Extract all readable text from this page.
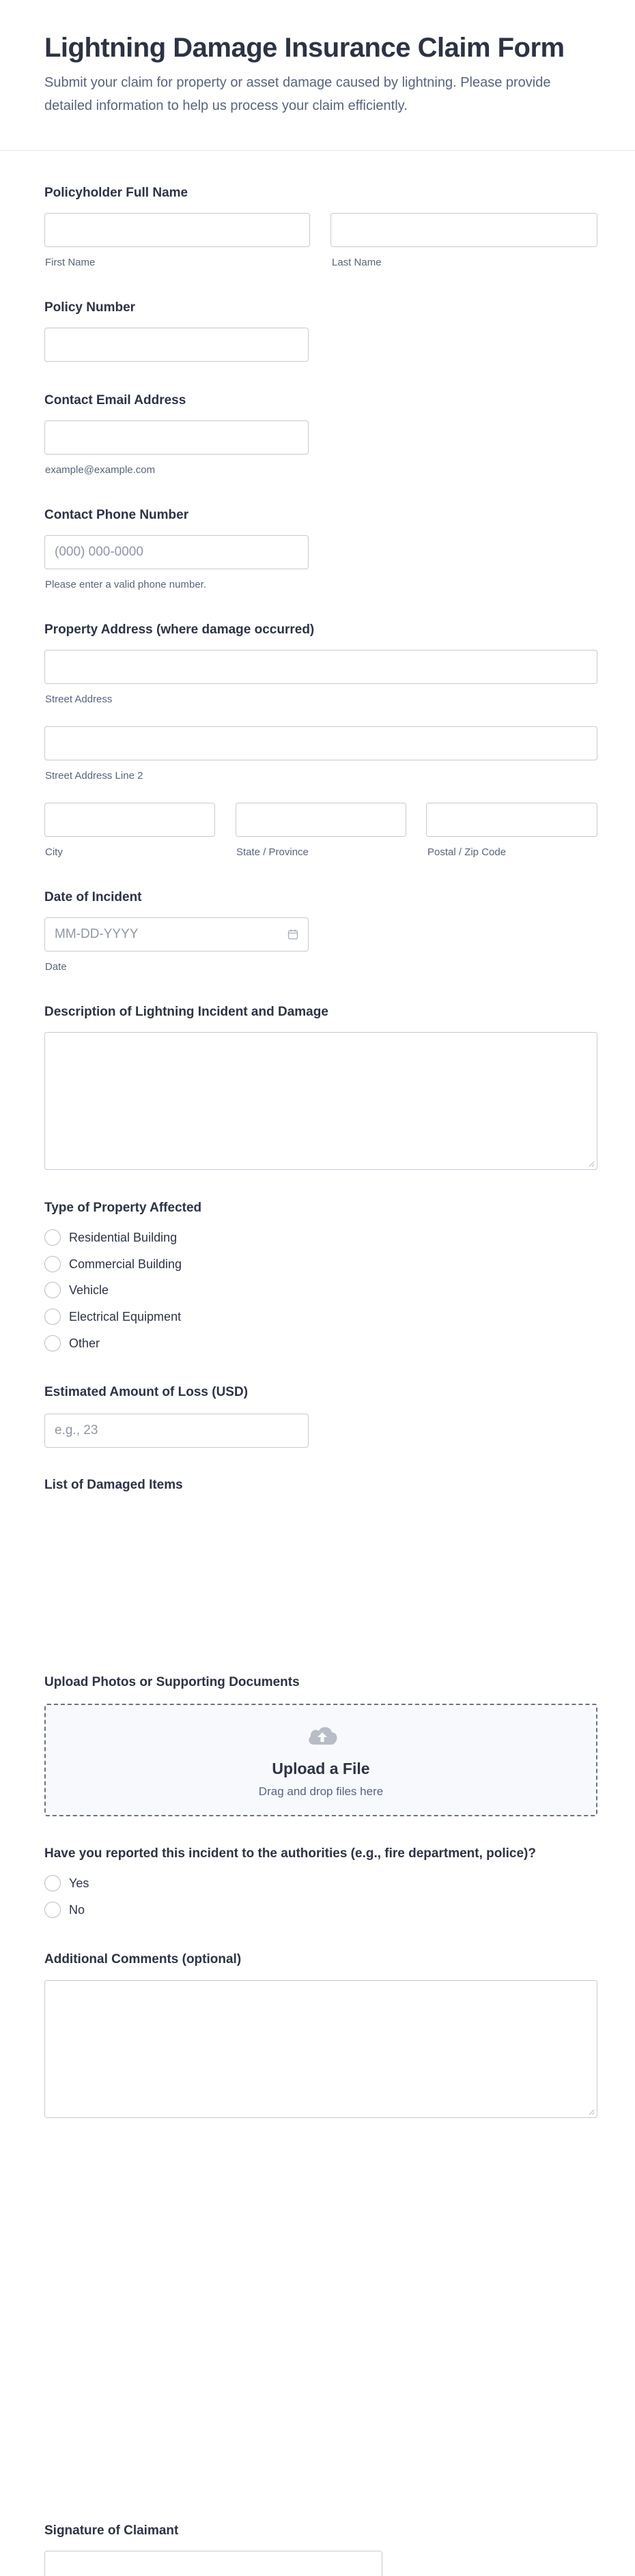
Lightning Damage Insurance Claim Form
Submit your claim for property or asset damage caused by lightning. Please provide detailed information to help us process your claim efficiently.
Policyholder Full Name
First Name	Last Name
Policy Number
Contact Email Address
example@example.com
Contact Phone Number
(000) 000-0000
Please enter a valid phone number.
Property Address (where damage occurred)
Street Address
Street Address Line 2
City	State / Province	Postal / Zip Code
Date of Incident
MM-DD-YYYY
Date
Description of Lightning Incident and Damage
Type of Property Affected
Residential Building
Commercial Building
Vehicle
Electrical Equipment
Other
Estimated Amount of Loss (USD)
e.g., 23
List of Damaged Items
Upload Photos or Supporting Documents
Upload a File
Drag and drop files here
Have you reported this incident to the authorities (e.g., fire department, police)?
Yes
No
Additional Comments (optional)
Signature of Claimant
